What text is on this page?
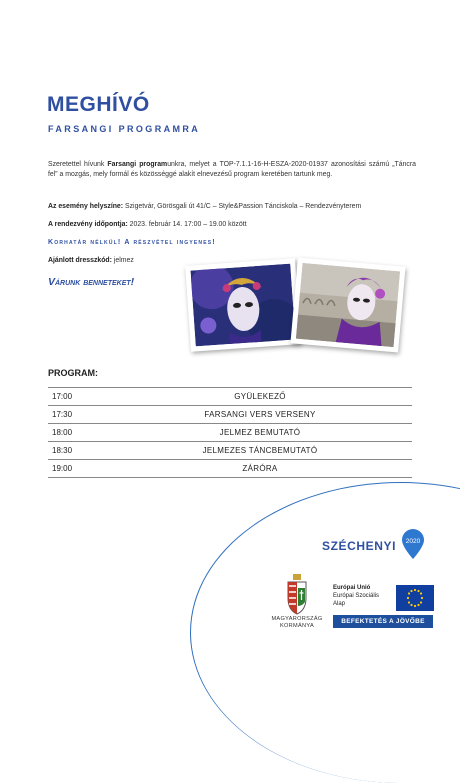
MEGHÍVÓ
FARSANGI PROGRAMRA
Szeretettel hívunk Farsangi programunkra, melyet a TOP-7.1.1-16-H-ESZA-2020-01937 azonosítási számú „Táncra fel” a mozgás, mely formál és közösséggé alakít elnevezésű program keretében tartunk meg.
Az esemény helyszíne: Szigetvár, Görösgali út 41/C – Style&Passion Tánciskola – Rendezvényterem
A rendezvény időpontja: 2023. február 14. 17:00 – 19.00 között
Korhatár nélkül! A részvétel ingyenes!
Ajánlott dresszkód: jelmez
Várunk benneteket!
PROGRAM:
17:00	GYÜLEKEZŐ
17:30	FARSANGI VERS VERSENY
18:00	JELMEZ BEMUTATÓ
18:30	JELMEZES TÁNCBEMUTATÓ
19:00	ZÁRÓRA
SZÉCHENYI 2020
MAGYARORSZÁG
KORMÁNYA
Európai Unió
Európai Szociális
Alap
BEFEKTETÉS A JÖVŐBE
